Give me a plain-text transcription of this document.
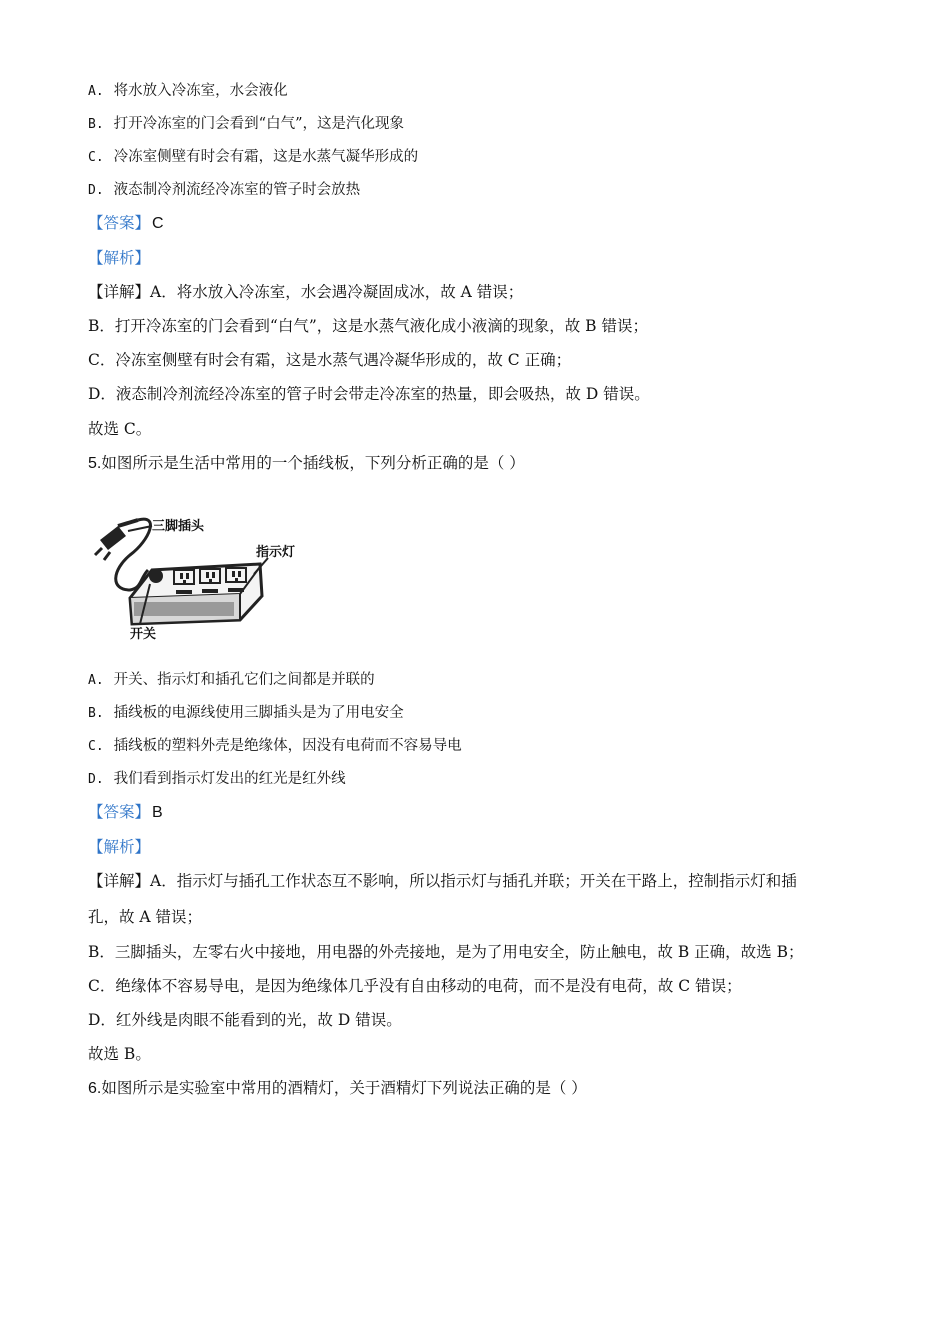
A. 将水放入冷冻室，水会液化
B. 打开冷冻室的门会看到“白气”，这是汽化现象
C. 冷冻室侧壁有时会有霜，这是水蒸气凝华形成的
D. 液态制冷剂流经冷冻室的管子时会放热
【答案】 C
【解析】
【详解】A．将水放入冷冻室，水会遇冷凝固成冰，故 A 错误；
B．打开冷冻室的门会看到“白气”，这是水蒸气液化成小液滴的现象，故 B 错误；
C．冷冻室侧壁有时会有霜，这是水蒸气遇冷凝华形成的，故 C 正确；
D．液态制冷剂流经冷冻室的管子时会带走冷冻室的热量，即会吸热，故 D 错误。
故选 C。
5.如图所示是生活中常用的一个插线板，下列分析正确的是（ ）
三脚插头
开关
指示灯
A. 开关、指示灯和插孔它们之间都是并联的
B. 插线板的电源线使用三脚插头是为了用电安全
C. 插线板的塑料外壳是绝缘体，因没有电荷而不容易导电
D. 我们看到指示灯发出的红光是红外线
【答案】 B
【解析】
【详解】A．指示灯与插孔工作状态互不影响，所以指示灯与插孔并联；开关在干路上，控制指示灯和插
孔，故 A 错误；
B．三脚插头，左零右火中接地，用电器的外壳接地，是为了用电安全，防止触电，故 B 正确，故选 B；
C．绝缘体不容易导电，是因为绝缘体几乎没有自由移动的电荷，而不是没有电荷，故 C 错误；
D．红外线是肉眼不能看到的光，故 D 错误。
故选 B。
6.如图所示是实验室中常用的酒精灯，关于酒精灯下列说法正确的是（ ）
